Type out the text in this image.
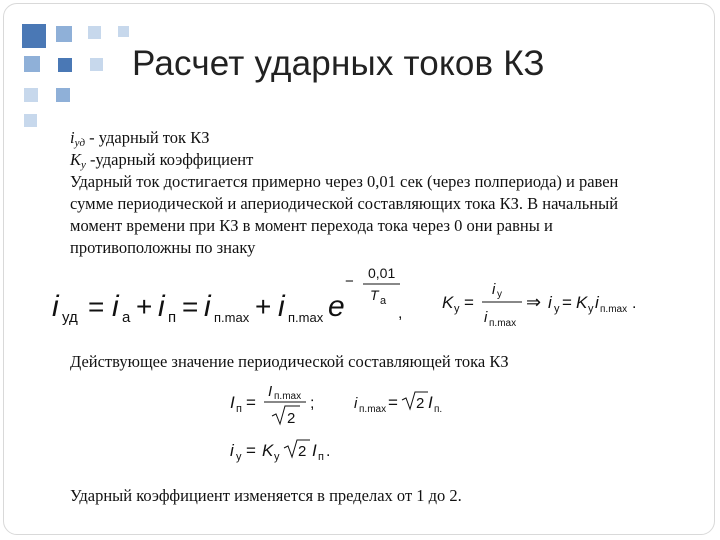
Расчет ударных токов КЗ
$i_{уд}$ - ударный ток КЗ
$K_у$ -ударный коэффициент
Ударный ток достигается примерно через 0,01 сек (через полпериода) и равен
сумме периодической и апериодической составляющих тока КЗ. В начальный
момент времени при КЗ в момент перехода тока через 0 они равны и
противоположны по знаку
i уд = i а + i п = i п.max + i п.max e
− 0,01
T a
,
K у =
i у
i п.max
⇒ i у = K у i п.max .
Действующее значение периодической составляющей тока КЗ
I п =
I п.max
2
;	i п.max = 2 I п.
i у = K у 2 I п .
Ударный коэффициент изменяется в пределах от 1 до 2.
